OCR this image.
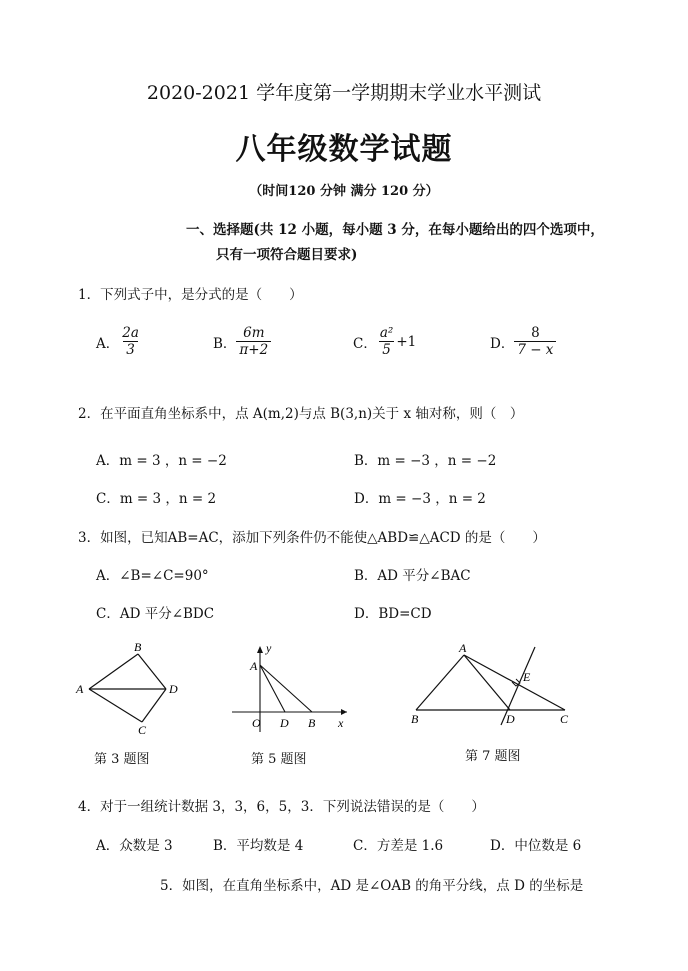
2020-2021 学年度第一学期期末学业水平测试
八年级数学试题
（时间120 分钟 满分 120 分）
一、选择题(共 12 小题，每小题 3 分，在每小题给出的四个选项中，
只有一项符合题目要求)
1．下列式子中，是分式的是（　　）
A． $\frac{2a}{3}$	B． $\frac{6m}{\pi+2}$	C． $\frac{\text{a²}}{5} +1$	D． $\frac{8}{7 - x}$
2．在平面直角坐标系中，点 A(m,2)与点 B(3,n)关于 x 轴对称，则（　）
A．m = 3 ，n = −2	B．m = −3 ，n = −2
C．m = 3 ，n = 2	D．m = −3 ，n = 2
3．如图，已知AB=AC，添加下列条件仍不能使△ABD≌△ACD 的是（　　）
A．∠B=∠C=90°	B．AD 平分∠BAC
C．AD 平分∠BDC	D．BD=CD
A
B
C
D
第 3 题图
y
A
O D B x
第 5 题图
A
E
B	D	C
第 7 题图
4．对于一组统计数据 3，3，6，5，3．下列说法错误的是（　　）
A．众数是 3	B．平均数是 4	C．方差是 1.6	D．中位数是 6
5．如图，在直角坐标系中，AD 是∠OAB 的角平分线，点 D 的坐标是
